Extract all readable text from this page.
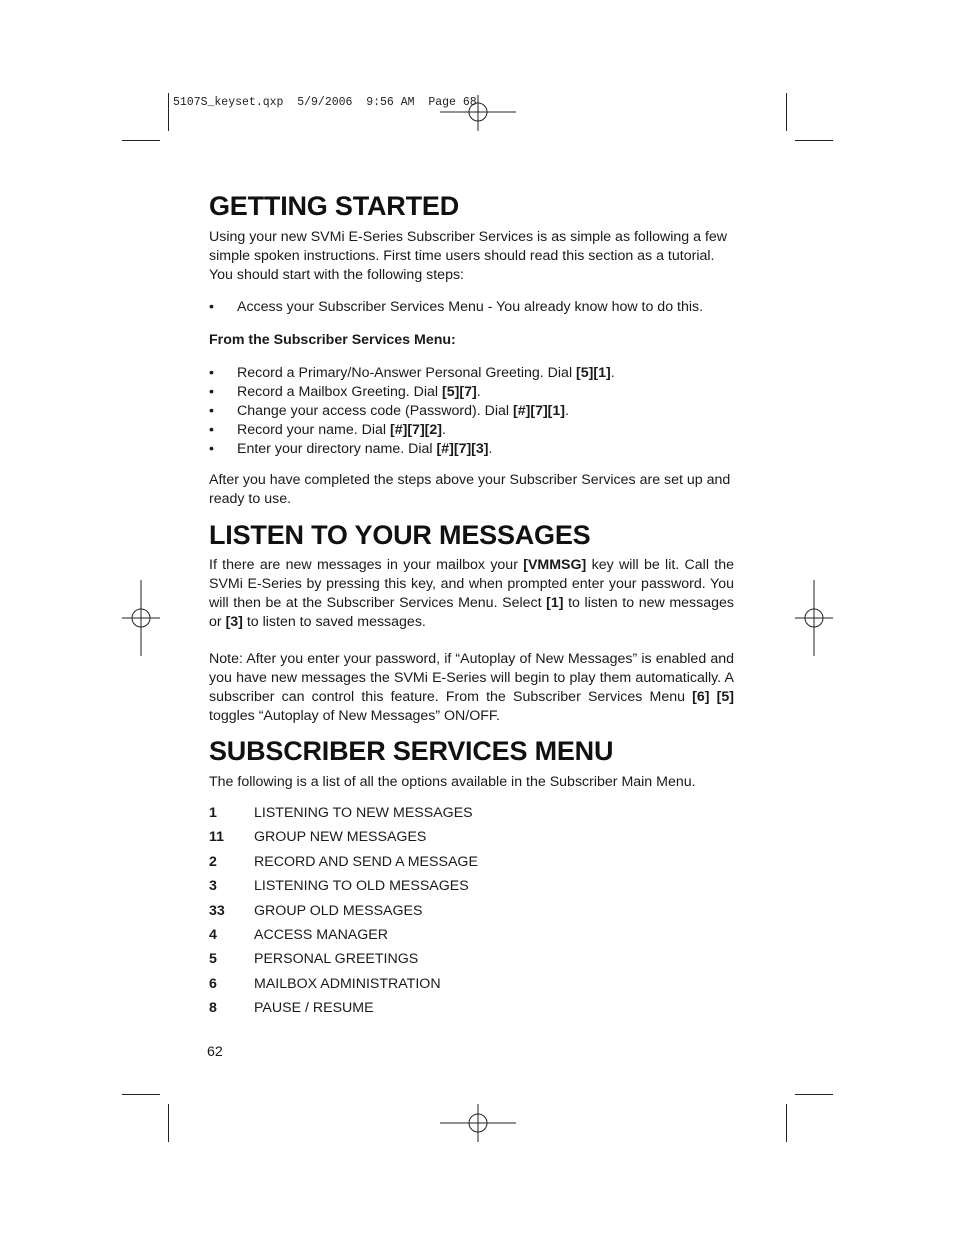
5107S_keyset.qxp  5/9/2006  9:56 AM  Page 68
GETTING STARTED

Using your new SVMi E-Series Subscriber Services is as simple as following a few simple spoken instructions. First time users should read this section as a tutorial. You should start with the following steps:

• Access your Subscriber Services Menu - You already know how to do this.

From the Subscriber Services Menu:

• Record a Primary/No-Answer Personal Greeting. Dial [5][1].
• Record a Mailbox Greeting. Dial [5][7].
• Change your access code (Password). Dial [#][7][1].
• Record your name. Dial [#][7][2].
• Enter your directory name. Dial [#][7][3].

After you have completed the steps above your Subscriber Services are set up and ready to use.

LISTEN TO YOUR MESSAGES

If there are new messages in your mailbox your [VMMSG] key will be lit. Call the SVMi E-Series by pressing this key, and when prompted enter your password. You will then be at the Subscriber Services Menu. Select [1] to listen to new messages or [3] to listen to saved messages.

Note: After you enter your password, if “Autoplay of New Messages” is enabled and you have new messages the SVMi E-Series will begin to play them automatically. A subscriber can control this feature. From the Subscriber Services Menu [6] [5] toggles “Autoplay of New Messages” ON/OFF.

SUBSCRIBER SERVICES MENU

The following is a list of all the options available in the Subscriber Main Menu.

1	LISTENING TO NEW MESSAGES
11 GROUP NEW MESSAGES
2	RECORD AND SEND A MESSAGE
3	LISTENING TO OLD MESSAGES
33 GROUP OLD MESSAGES
4	ACCESS MANAGER
5	PERSONAL GREETINGS
6	MAILBOX ADMINISTRATION
8	PAUSE / RESUME
62
